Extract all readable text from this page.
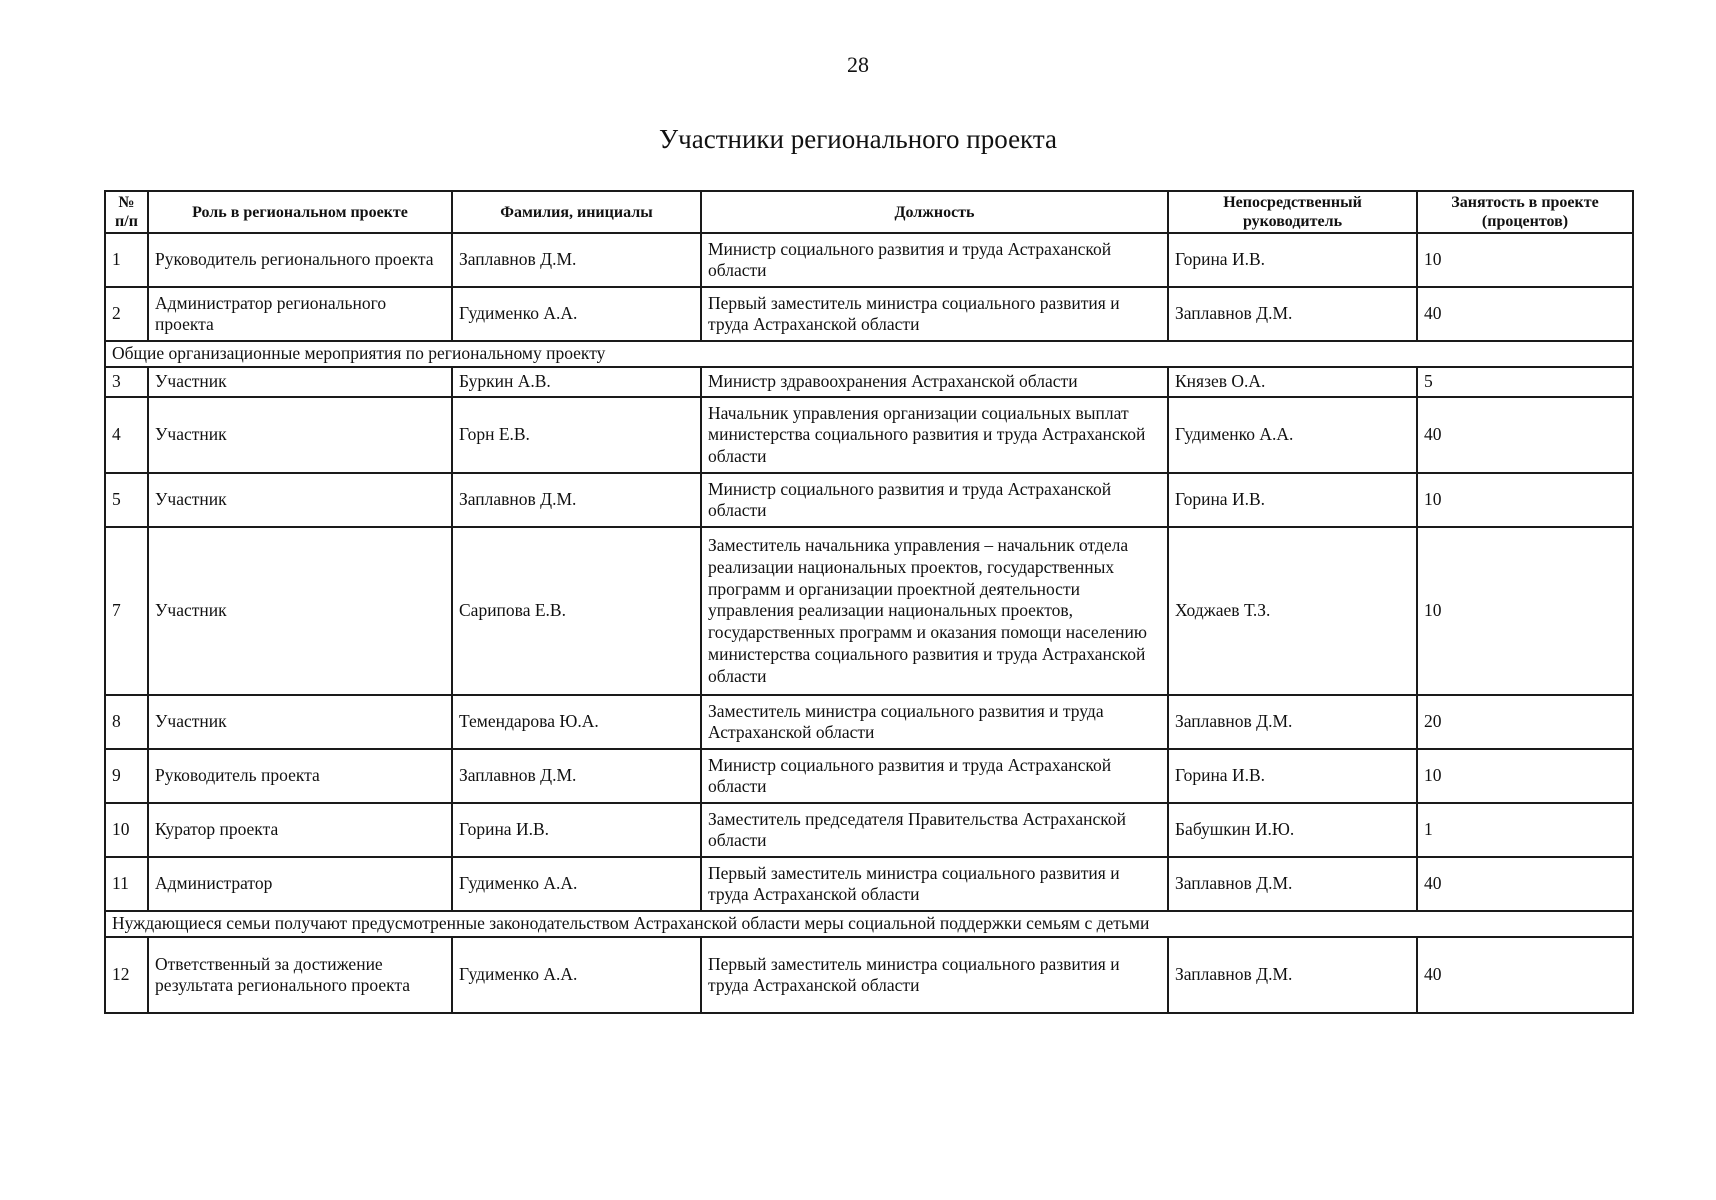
28
Участники регионального проекта
№ п/п	Роль в региональном проекте	Фамилия, инициалы	Должность	Непосредственный руководитель	Занятость в проекте (процентов)
1	Руководитель регионального проекта	Заплавнов Д.М.	Министр социального развития и труда Астраханской области	Горина И.В.	10
2	Администратор регионального проекта	Гудименко А.А.	Первый заместитель министра социального развития и труда Астраханской области	Заплавнов Д.М.	40
Общие организационные мероприятия по региональному проекту					
3	Участник	Буркин А.В.	Министр здравоохранения Астраханской области	Князев О.А.	5
4	Участник	Горн Е.В.	Начальник управления организации социальных выплат министерства социального развития и труда Астраханской области	Гудименко А.А.	40
5	Участник	Заплавнов Д.М.	Министр социального развития и труда Астраханской области	Горина И.В.	10
7	Участник	Сарипова Е.В.	Заместитель начальника управления – начальник отдела реализации национальных проектов, государственных программ и организации проектной деятельности управления реализации национальных проектов, государственных программ и оказания помощи населению министерства социального развития и труда Астраханской области	Ходжаев Т.З.	10
8	Участник	Темендарова Ю.А.	Заместитель министра социального развития и труда Астраханской области	Заплавнов Д.М.	20
9	Руководитель проекта	Заплавнов Д.М.	Министр социального развития и труда Астраханской области	Горина И.В.	10
10	Куратор проекта	Горина И.В.	Заместитель председателя Правительства Астраханской области	Бабушкин И.Ю.	1
11	Администратор	Гудименко А.А.	Первый заместитель министра социального развития и труда Астраханской области	Заплавнов Д.М.	40
Нуждающиеся семьи получают предусмотренные законодательством Астраханской области меры социальной поддержки семьям с детьми					
12	Ответственный за достижение результата регионального проекта	Гудименко А.А.	Первый заместитель министра социального развития и труда Астраханской области	Заплавнов Д.М.	40
